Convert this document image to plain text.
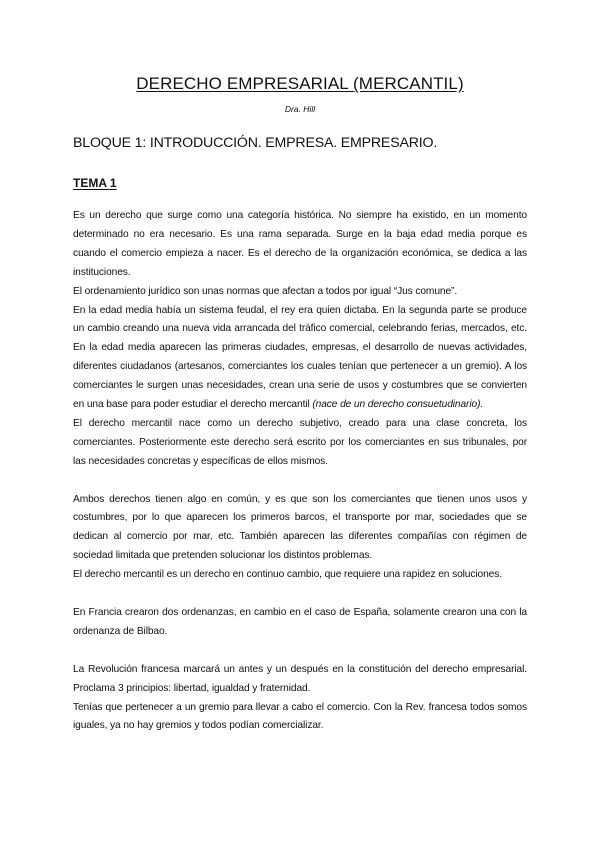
DERECHO EMPRESARIAL (MERCANTIL)
Dra. Hill
BLOQUE 1: INTRODUCCIÓN. EMPRESA. EMPRESARIO.
TEMA 1

Es un derecho que surge como una categoría histórica. No siempre ha existido, en un momento determinado no era necesario. Es una rama separada. Surge en la baja edad media porque es cuando el comercio empieza a nacer. Es el derecho de la organización económica, se dedica a las instituciones.

El ordenamiento jurídico son unas normas que afectan a todos por igual “Jus comune”.

En la edad media había un sistema feudal, el rey era quien dictaba. En la segunda parte se produce un cambio creando una nueva vida arrancada del tráfico comercial, celebrando ferias, mercados, etc. En la edad media aparecen las primeras ciudades, empresas, el desarrollo de nuevas actividades, diferentes ciudadanos (artesanos, comerciantes los cuales tenían que pertenecer a un gremio). A los comerciantes le surgen unas necesidades, crean una serie de usos y costumbres que se convierten en una base para poder estudiar el derecho mercantil (nace de un derecho consuetudinario).

El derecho mercantil nace como un derecho subjetivo, creado para una clase concreta, los comerciantes. Posteriormente este derecho será escrito por los comerciantes en sus tribunales, por las necesidades concretas y específicas de ellos mismos.

Ambos derechos tienen algo en común, y es que son los comerciantes que tienen unos usos y costumbres, por lo que aparecen los primeros barcos, el transporte por mar, sociedades que se dedican al comercio por mar, etc. También aparecen las diferentes compañías con régimen de sociedad limitada que pretenden solucionar los distintos problemas.

El derecho mercantil es un derecho en continuo cambio, que requiere una rapidez en soluciones.

En Francia crearon dos ordenanzas, en cambio en el caso de España, solamente crearon una con la ordenanza de Bilbao.

La Revolución francesa marcará un antes y un después en la constitución del derecho empresarial. Proclama 3 principios: libertad, igualdad y fraternidad.

Tenías que pertenecer a un gremio para llevar a cabo el comercio. Con la Rev. francesa todos somos iguales, ya no hay gremios y todos podían comercializar.
